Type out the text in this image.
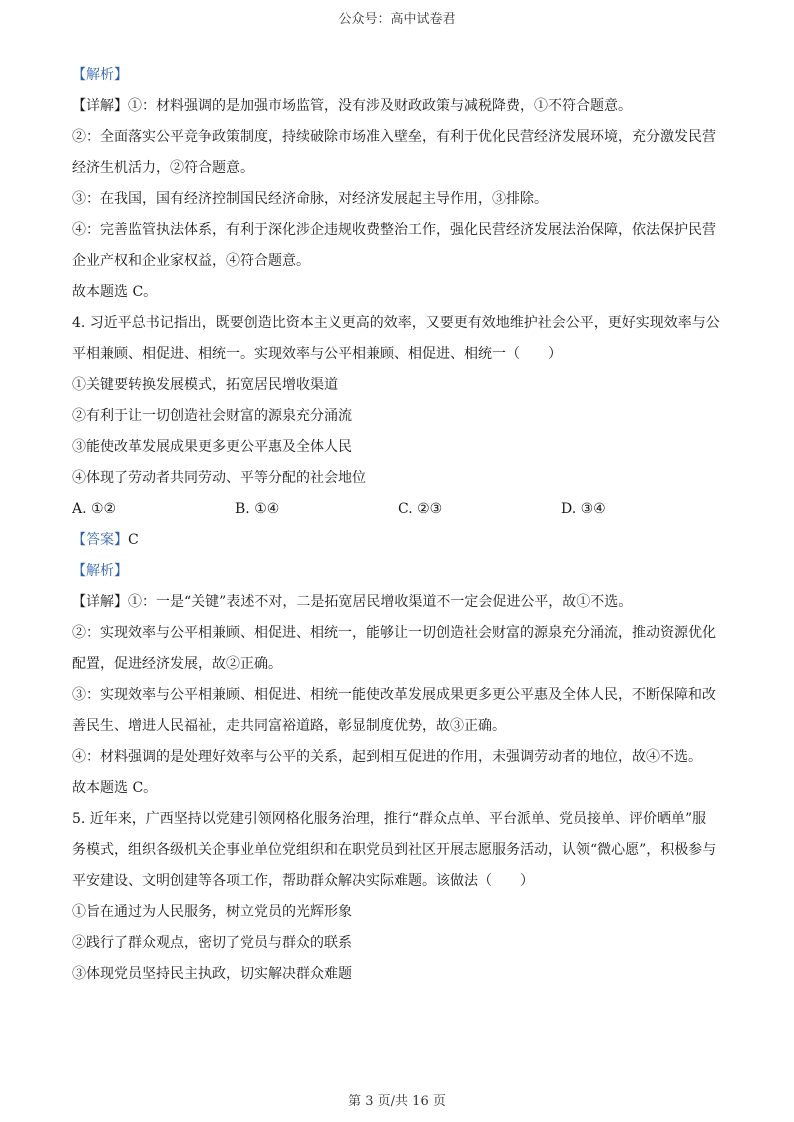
公众号：高中试卷君
【解析】
【详解】①：材料强调的是加强市场监管，没有涉及财政政策与减税降费，①不符合题意。
②：全面落实公平竞争政策制度，持续破除市场准入壁垒，有利于优化民营经济发展环境，充分激发民营
经济生机活力，②符合题意。
③：在我国，国有经济控制国民经济命脉，对经济发展起主导作用，③排除。
④：完善监管执法体系，有利于深化涉企违规收费整治工作，强化民营经济发展法治保障，依法保护民营
企业产权和企业家权益，④符合题意。
故本题选 C。
4. 习近平总书记指出，既要创造比资本主义更高的效率，又要更有效地维护社会公平，更好实现效率与公
平相兼顾、相促进、相统一。实现效率与公平相兼顾、相促进、相统一（　　）
①关键要转换发展模式，拓宽居民增收渠道
②有利于让一切创造社会财富的源泉充分涌流
③能使改革发展成果更多更公平惠及全体人民
④体现了劳动者共同劳动、平等分配的社会地位
A. ①②	B. ①④	C. ②③	D. ③④
【答案】C
【解析】
【详解】①：一是“关键”表述不对，二是拓宽居民增收渠道不一定会促进公平，故①不选。
②：实现效率与公平相兼顾、相促进、相统一，能够让一切创造社会财富的源泉充分涌流，推动资源优化
配置，促进经济发展，故②正确。
③：实现效率与公平相兼顾、相促进、相统一能使改革发展成果更多更公平惠及全体人民，不断保障和改
善民生、增进人民福祉，走共同富裕道路，彰显制度优势，故③正确。
④：材料强调的是处理好效率与公平的关系，起到相互促进的作用，未强调劳动者的地位，故④不选。
故本题选 C。
5. 近年来，广西坚持以党建引领网格化服务治理，推行“群众点单、平台派单、党员接单、评价晒单”服
务模式，组织各级机关企事业单位党组织和在职党员到社区开展志愿服务活动，认领“微心愿”，积极参与
平安建设、文明创建等各项工作，帮助群众解决实际难题。该做法（　　）
①旨在通过为人民服务，树立党员的光辉形象
②践行了群众观点，密切了党员与群众的联系
③体现党员坚持民主执政，切实解决群众难题
第 3 页/共 16 页
